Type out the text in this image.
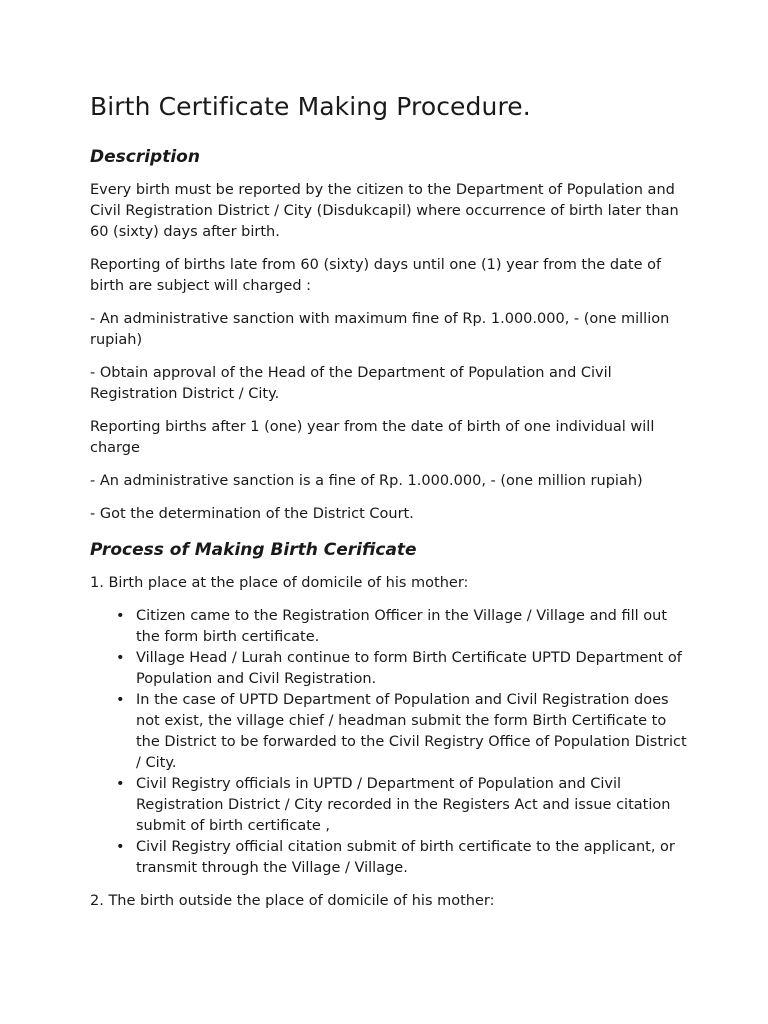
Birth Certificate Making Procedure.
Description

Every birth must be reported by the citizen to the Department of Population and Civil Registration District / City (Disdukcapil) where occurrence of birth later than 60 (sixty) days after birth.

Reporting of births late from 60 (sixty) days until one (1) year from the date of birth are subject will charged :

- An administrative sanction with maximum fine of Rp. 1.000.000, - (one million rupiah)

- Obtain approval of the Head of the Department of Population and Civil Registration District / City.

Reporting births after 1 (one) year from the date of birth of one individual will charge

- An administrative sanction is a fine of Rp. 1.000.000, - (one million rupiah)

- Got the determination of the District Court.

Process of Making Birth Cerificate

1. Birth place at the place of domicile of his mother:

• Citizen came to the Registration Officer in the Village / Village and fill out the form birth certificate.
• Village Head / Lurah continue to form Birth Certificate UPTD Department of Population and Civil Registration.
• In the case of UPTD Department of Population and Civil Registration does not exist, the village chief / headman submit the form Birth Certificate to the District to be forwarded to the Civil Registry Office of Population District / City.
• Civil Registry officials in UPTD / Department of Population and Civil Registration District / City recorded in the Registers Act and issue citation submit of birth certificate ,
• Civil Registry official citation submit of birth certificate to the applicant, or transmit through the Village / Village.

2. The birth outside the place of domicile of his mother:
